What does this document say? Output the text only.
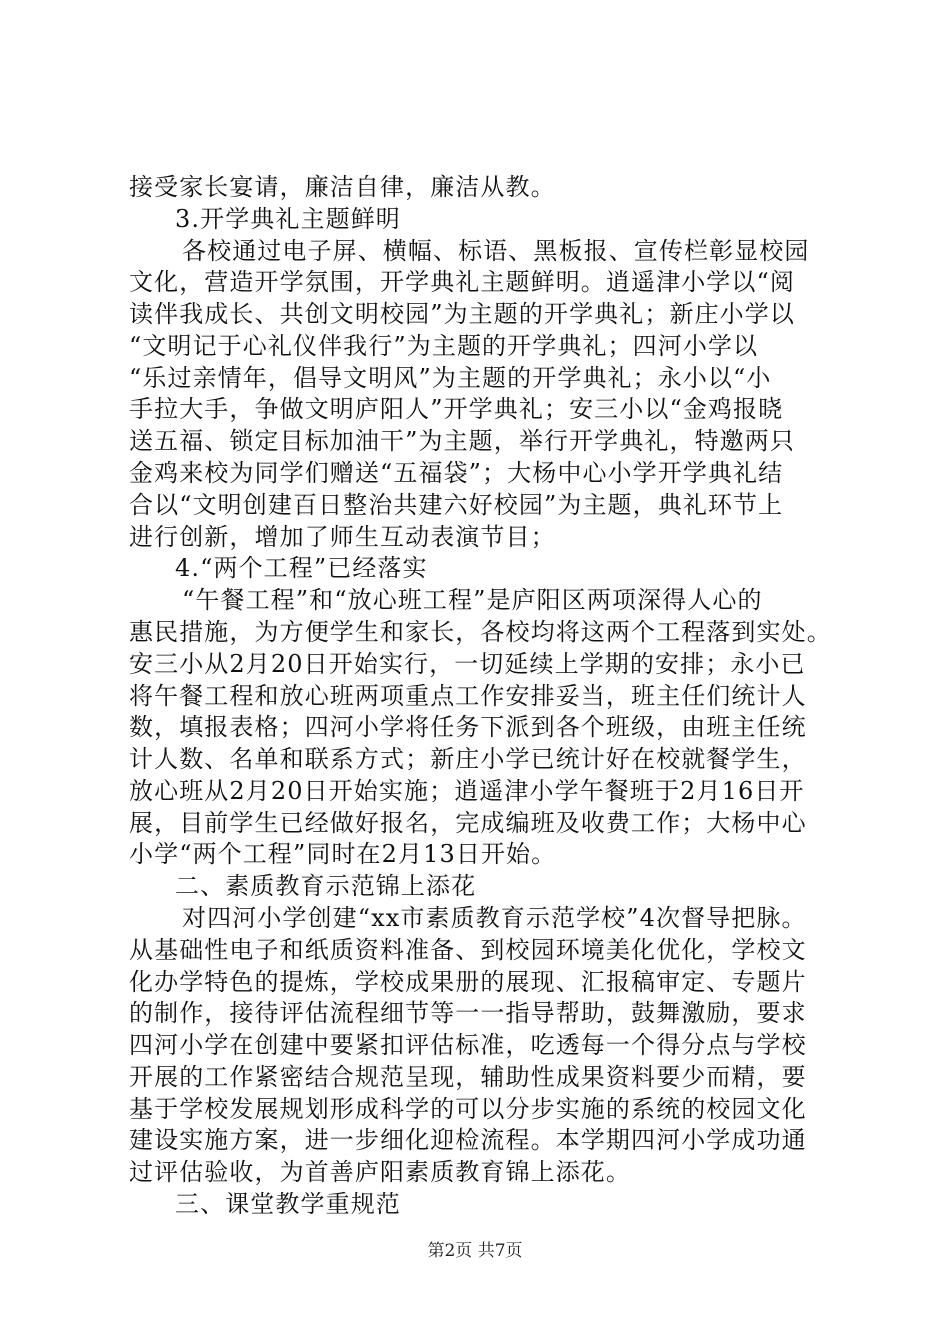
接受家长宴请，廉洁自律，廉洁从教。
3.开学典礼主题鲜明
各校通过电子屏、横幅、标语、黑板报、宣传栏彰显校园
文化，营造开学氛围，开学典礼主题鲜明。逍遥津小学以“阅
读伴我成长、共创文明校园”为主题的开学典礼；新庄小学以
“文明记于心礼仪伴我行”为主题的开学典礼；四河小学以
“乐过亲情年，倡导文明风”为主题的开学典礼；永小以“小
手拉大手，争做文明庐阳人”开学典礼；安三小以“金鸡报晓
送五福、锁定目标加油干”为主题，举行开学典礼，特邀两只
金鸡来校为同学们赠送“五福袋”；大杨中心小学开学典礼结
合以“文明创建百日整治共建六好校园”为主题，典礼环节上
进行创新，增加了师生互动表演节目；
4.“两个工程”已经落实
“午餐工程”和“放心班工程”是庐阳区两项深得人心的
惠民措施，为方便学生和家长，各校均将这两个工程落到实处。
安三小从2月20日开始实行，一切延续上学期的安排；永小已
将午餐工程和放心班两项重点工作安排妥当，班主任们统计人
数，填报表格；四河小学将任务下派到各个班级，由班主任统
计人数、名单和联系方式；新庄小学已统计好在校就餐学生，
放心班从2月20日开始实施；逍遥津小学午餐班于2月16日开
展，目前学生已经做好报名，完成编班及收费工作；大杨中心
小学“两个工程”同时在2月13日开始。
二、素质教育示范锦上添花
对四河小学创建“xx市素质教育示范学校”4次督导把脉。
从基础性电子和纸质资料准备、到校园环境美化优化，学校文
化办学特色的提炼，学校成果册的展现、汇报稿审定、专题片
的制作，接待评估流程细节等一一指导帮助，鼓舞激励，要求
四河小学在创建中要紧扣评估标准，吃透每一个得分点与学校
开展的工作紧密结合规范呈现，辅助性成果资料要少而精，要
基于学校发展规划形成科学的可以分步实施的系统的校园文化
建设实施方案，进一步细化迎检流程。本学期四河小学成功通
过评估验收，为首善庐阳素质教育锦上添花。
三、课堂教学重规范
第2页 共7页
